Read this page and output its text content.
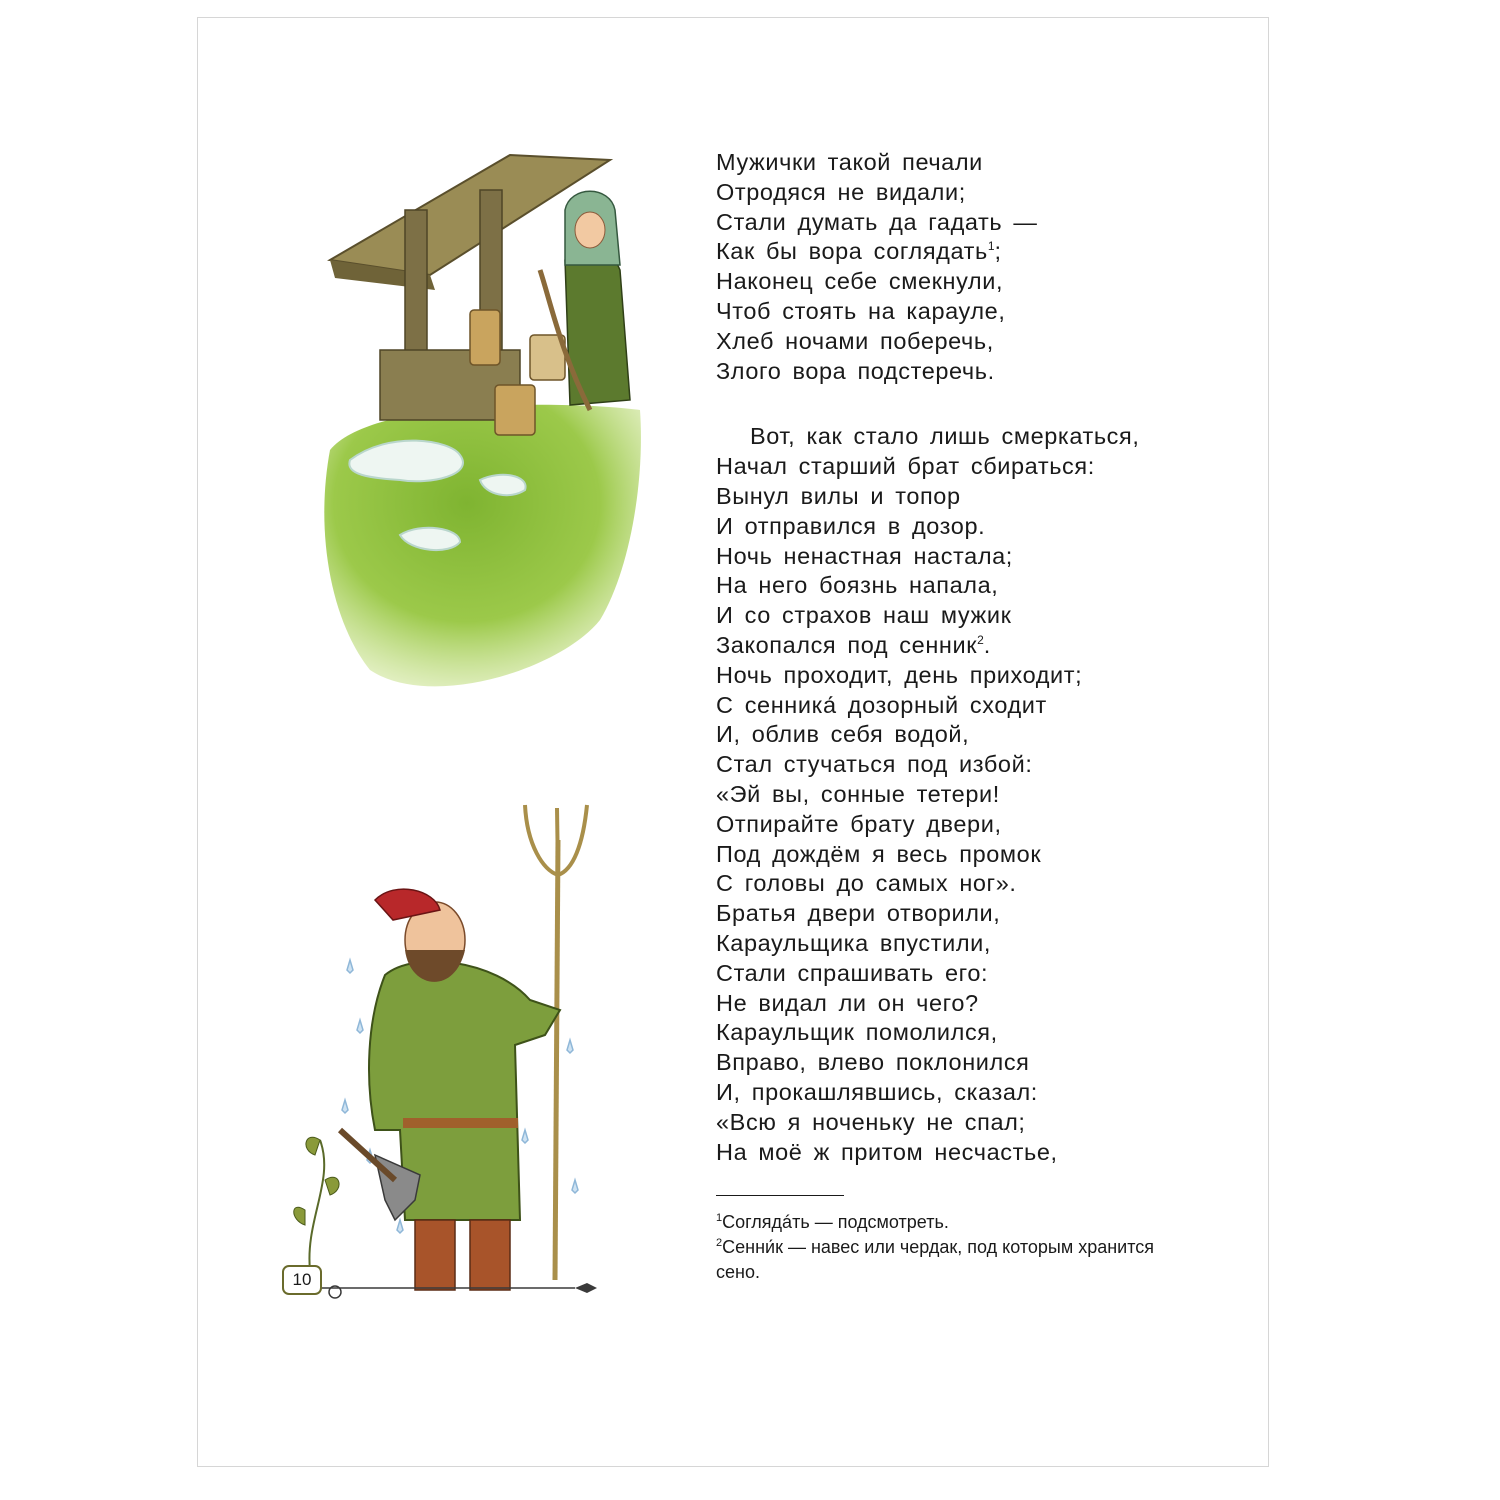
10
Мужички такой печали
Отродяся не видали;
Стали думать да гадать —
Как бы вора соглядать$^1$;
Наконец себе смекнули,
Чтоб стоять на карауле,
Хлеб ночами поберечь,
Злого вора подстеречь.
Вот, как стало лишь смеркаться,
Начал старший брат сбираться:
Вынул вилы и топор
И отправился в дозор.
Ночь ненастная настала;
На него боязнь напала,
И со страхов наш мужик
Закопался под сенник$^2$.
Ночь проходит, день приходит;
С сенника́ дозорный сходит
И, облив себя водой,
Стал стучаться под избой:
«Эй вы, сонные тетери!
Отпирайте брату двери,
Под дождём я весь промок
С головы до самых ног».
Братья двери отворили,
Караульщика впустили,
Стали спрашивать его:
Не видал ли он чего?
Караульщик помолился,
Вправо, влево поклонился
И, прокашлявшись, сказал:
«Всю я ноченьку не спал;
На моё ж притом несчастье,

$^1$Соглядáть — подсмотреть.

$^2$Сенни́к — навес или чердак, под которым хранится сено.
